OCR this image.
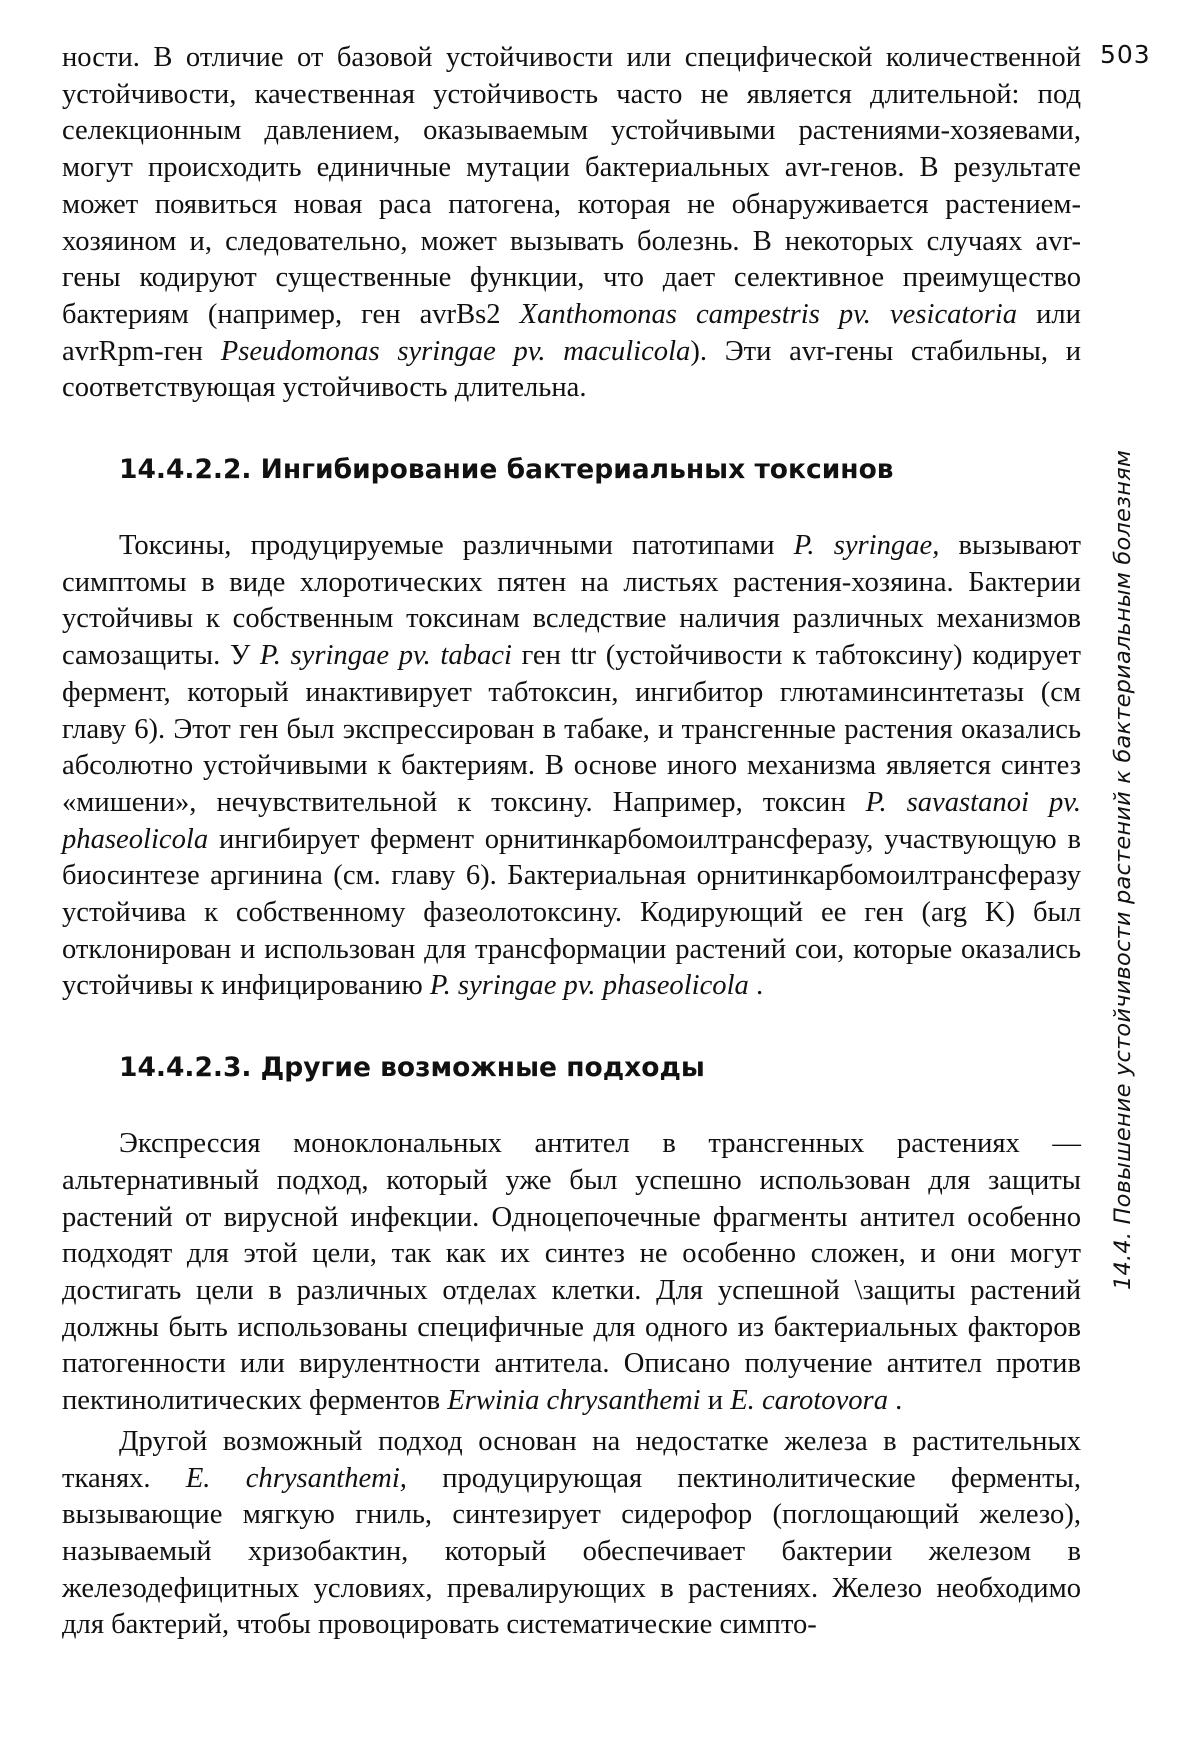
503
14.4. Повышение устойчивости растений к бактериальным болезням

ности. В отличие от базовой устойчивости или специфической количественной устойчивости, качественная устойчивость часто не является длительной: под селекционным давлением, оказываемым устойчивыми растениями-хозяевами, могут происходить единичные мутации бактериальных avr-генов. В результате может появиться новая раса патогена, которая не обнаруживается растением-хозяином и, следовательно, может вызывать болезнь. В некоторых случаях avr-гены кодируют существенные функции, что дает селективное преимущество бактериям (например, ген avrBs2 Xanthomonas campestris pv. vesicatoria или avrRpm-ген Pseudomonas syringae pv. maculicola). Эти avr-гены стабильны, и соответствующая устойчивость длительна.

14.4.2.2. Ингибирование бактериальных токсинов

Токсины, продуцируемые различными патотипами P. syringae, вызывают симптомы в виде хлоротических пятен на листьях растения-хозяина. Бактерии устойчивы к собственным токсинам вследствие наличия различных механизмов самозащиты. У P. syringae pv. tabaci ген ttr (устойчивости к табтоксину) кодирует фермент, который инактивирует табтоксин, ингибитор глютаминсинтетазы (см главу 6). Этот ген был экспрессирован в табаке, и трансгенные растения оказались абсолютно устойчивыми к бактериям. В основе иного механизма является синтез «мишени», нечувствительной к токсину. Например, токсин P. savastanoi pv. phaseolicola ингибирует фермент орнитинкарбомоилтрансферазу, участвующую в биосинтезе аргинина (см. главу 6). Бактериальная орнитинкарбомоилтрансферазу устойчива к собственному фазеолотоксину. Кодирующий ее ген (arg K) был отклонирован и использован для трансформации растений сои, которые оказались устойчивы к инфицированию P. syringae pv. phaseolicola .

14.4.2.3. Другие возможные подходы

Экспрессия моноклональных антител в трансгенных растениях — альтернативный подход, который уже был успешно использован для защиты растений от вирусной инфекции. Одноцепочечные фрагменты антител особенно подходят для этой цели, так как их синтез не особенно сложен, и они могут достигать цели в различных отделах клетки. Для успешной \защиты растений должны быть использованы специфичные для одного из бактериальных факторов патогенности или вирулентности антитела. Описано получение антител против пектинолитических ферментов Erwinia chrysanthemi и E. carotovora .

Другой возможный подход основан на недостатке железа в растительных тканях. E. chrysanthemi, продуцирующая пектинолитические ферменты, вызывающие мягкую гниль, синтезирует сидерофор (поглощающий железо), называемый хризобактин, который обеспечивает бактерии железом в железодефицитных условиях, превалирующих в растениях. Железо необходимо для бактерий, чтобы провоцировать систематические симпто-
